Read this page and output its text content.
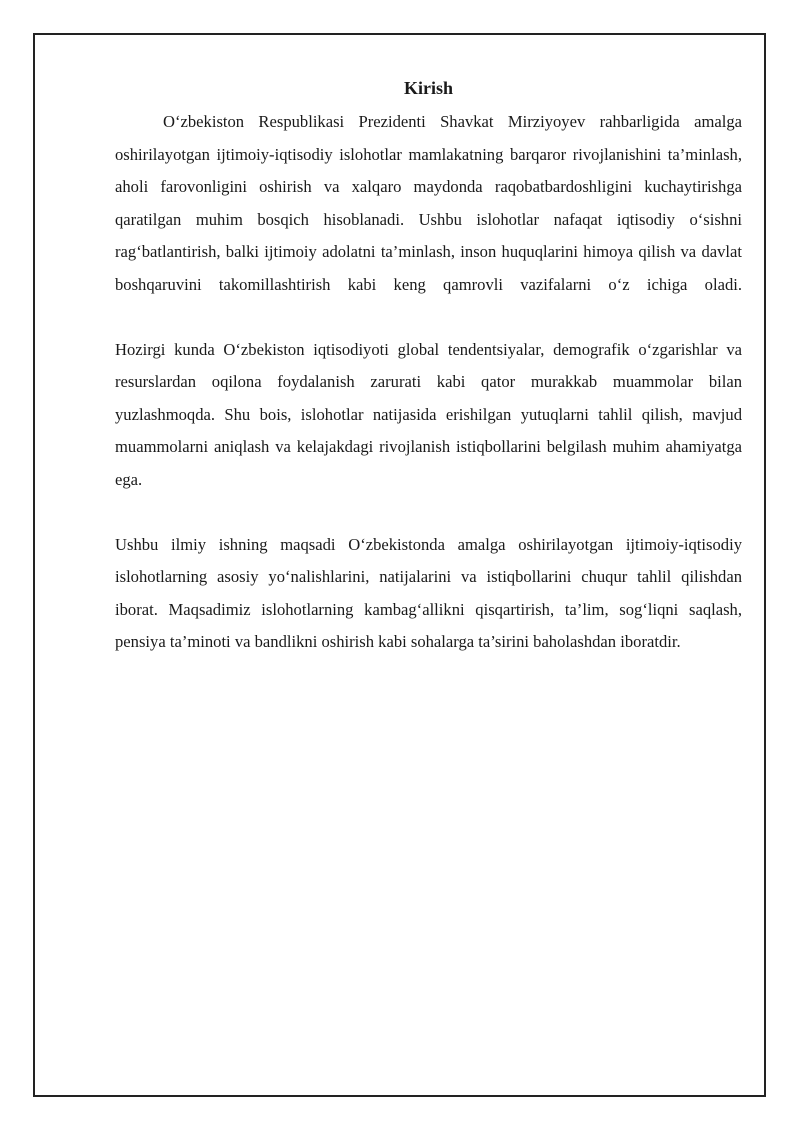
Kirish

O‘zbekiston Respublikasi Prezidenti Shavkat Mirziyoyev rahbarligida amalga oshirilayotgan ijtimoiy-iqtisodiy islohotlar mamlakatning barqaror rivojlanishini ta’minlash, aholi farovonligini oshirish va xalqaro maydonda raqobatbardoshligini kuchaytirishga qaratilgan muhim bosqich hisoblanadi. Ushbu islohotlar nafaqat iqtisodiy o‘sishni rag‘batlantirish, balki ijtimoiy adolatni ta’minlash, inson huquqlarini himoya qilish va davlat boshqaruvini takomillashtirish kabi keng qamrovli vazifalarni o‘z ichiga oladi.

Hozirgi kunda O‘zbekiston iqtisodiyoti global tendentsiyalar, demografik o‘zgarishlar va resurslardan oqilona foydalanish zarurati kabi qator murakkab muammolar bilan yuzlashmoqda. Shu bois, islohotlar natijasida erishilgan yutuqlarni tahlil qilish, mavjud muammolarni aniqlash va kelajakdagi rivojlanish istiqbollarini belgilash muhim ahamiyatga ega.

Ushbu ilmiy ishning maqsadi O‘zbekistonda amalga oshirilayotgan ijtimoiy-iqtisodiy islohotlarning asosiy yo‘nalishlarini, natijalarini va istiqbollarini chuqur tahlil qilishdan iborat. Maqsadimiz islohotlarning kambag‘allikni qisqartirish, ta’lim, sog‘liqni saqlash, pensiya ta’minoti va bandlikni oshirish kabi sohalarga ta’sirini baholashdan iboratdir.
